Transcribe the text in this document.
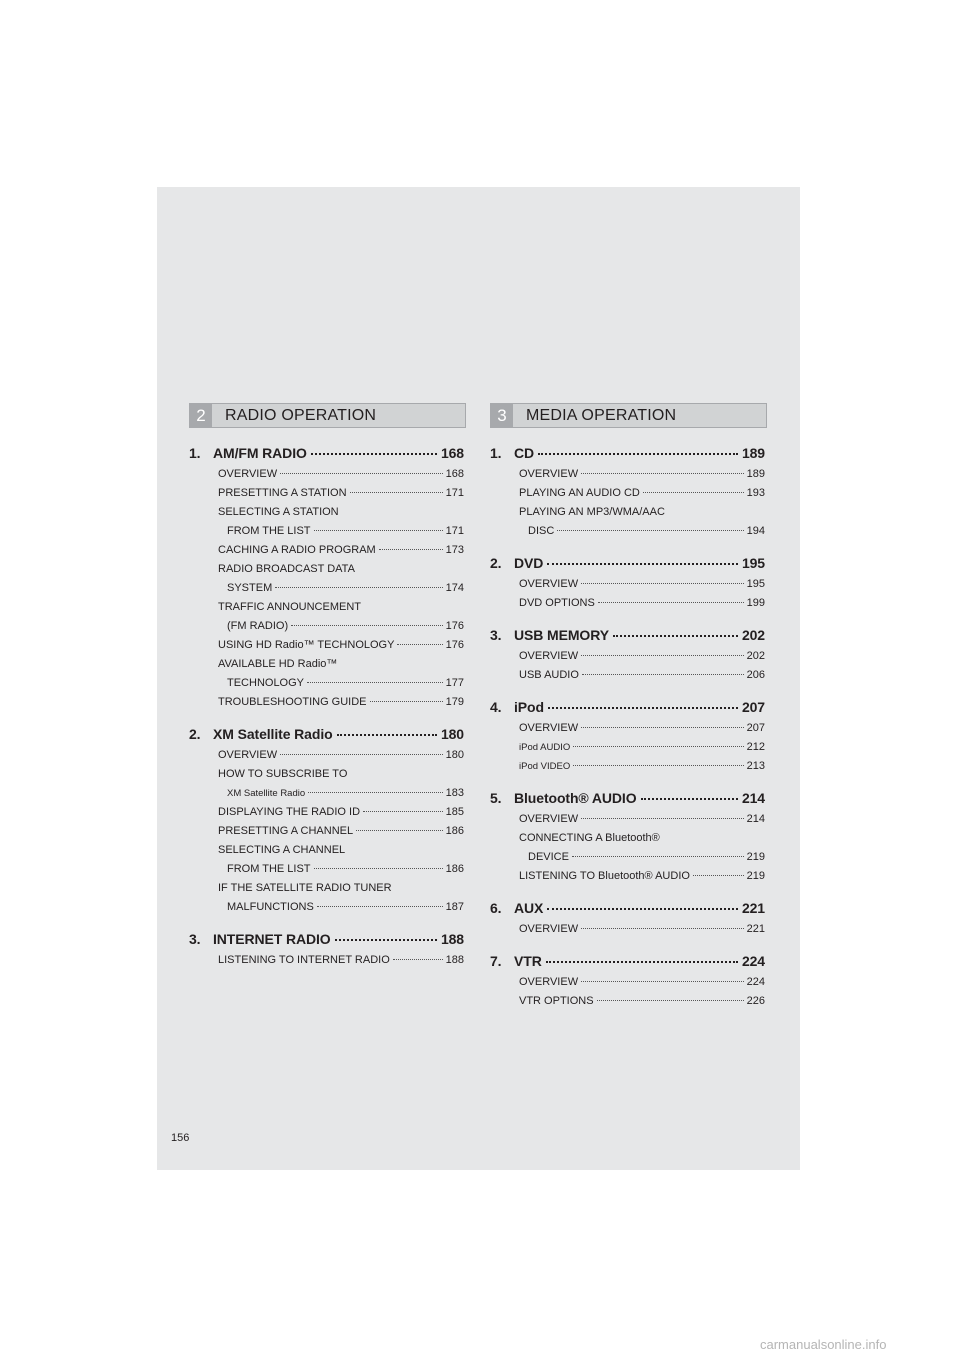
2	RADIO OPERATION
1. AM/FM RADIO	168
OVERVIEW	168
PRESETTING A STATION	171
SELECTING A STATION
FROM THE LIST	171
CACHING A RADIO PROGRAM	173
RADIO BROADCAST DATA
SYSTEM	174
TRAFFIC ANNOUNCEMENT
(FM RADIO)	176
USING HD Radio™ TECHNOLOGY	176
AVAILABLE HD Radio™
TECHNOLOGY	177
TROUBLESHOOTING GUIDE	179
2. XM Satellite Radio	180
OVERVIEW	180
HOW TO SUBSCRIBE TO
XM Satellite Radio	183
DISPLAYING THE RADIO ID	185
PRESETTING A CHANNEL	186
SELECTING A CHANNEL
FROM THE LIST	186
IF THE SATELLITE RADIO TUNER
MALFUNCTIONS	187
3. INTERNET RADIO	188
LISTENING TO INTERNET RADIO	188
3	MEDIA OPERATION
1. CD	189
OVERVIEW	189
PLAYING AN AUDIO CD	193
PLAYING AN MP3/WMA/AAC
DISC	194
2. DVD	195
OVERVIEW	195
DVD OPTIONS	199
3. USB MEMORY	202
OVERVIEW	202
USB AUDIO	206
4. iPod	207
OVERVIEW	207
iPod AUDIO	212
iPod VIDEO	213
5. Bluetooth® AUDIO	214
OVERVIEW	214
CONNECTING A Bluetooth®
DEVICE	219
LISTENING TO Bluetooth® AUDIO	219
6. AUX	221
OVERVIEW	221
7. VTR	224
OVERVIEW	224
VTR OPTIONS	226
156
carmanualsonline.info
